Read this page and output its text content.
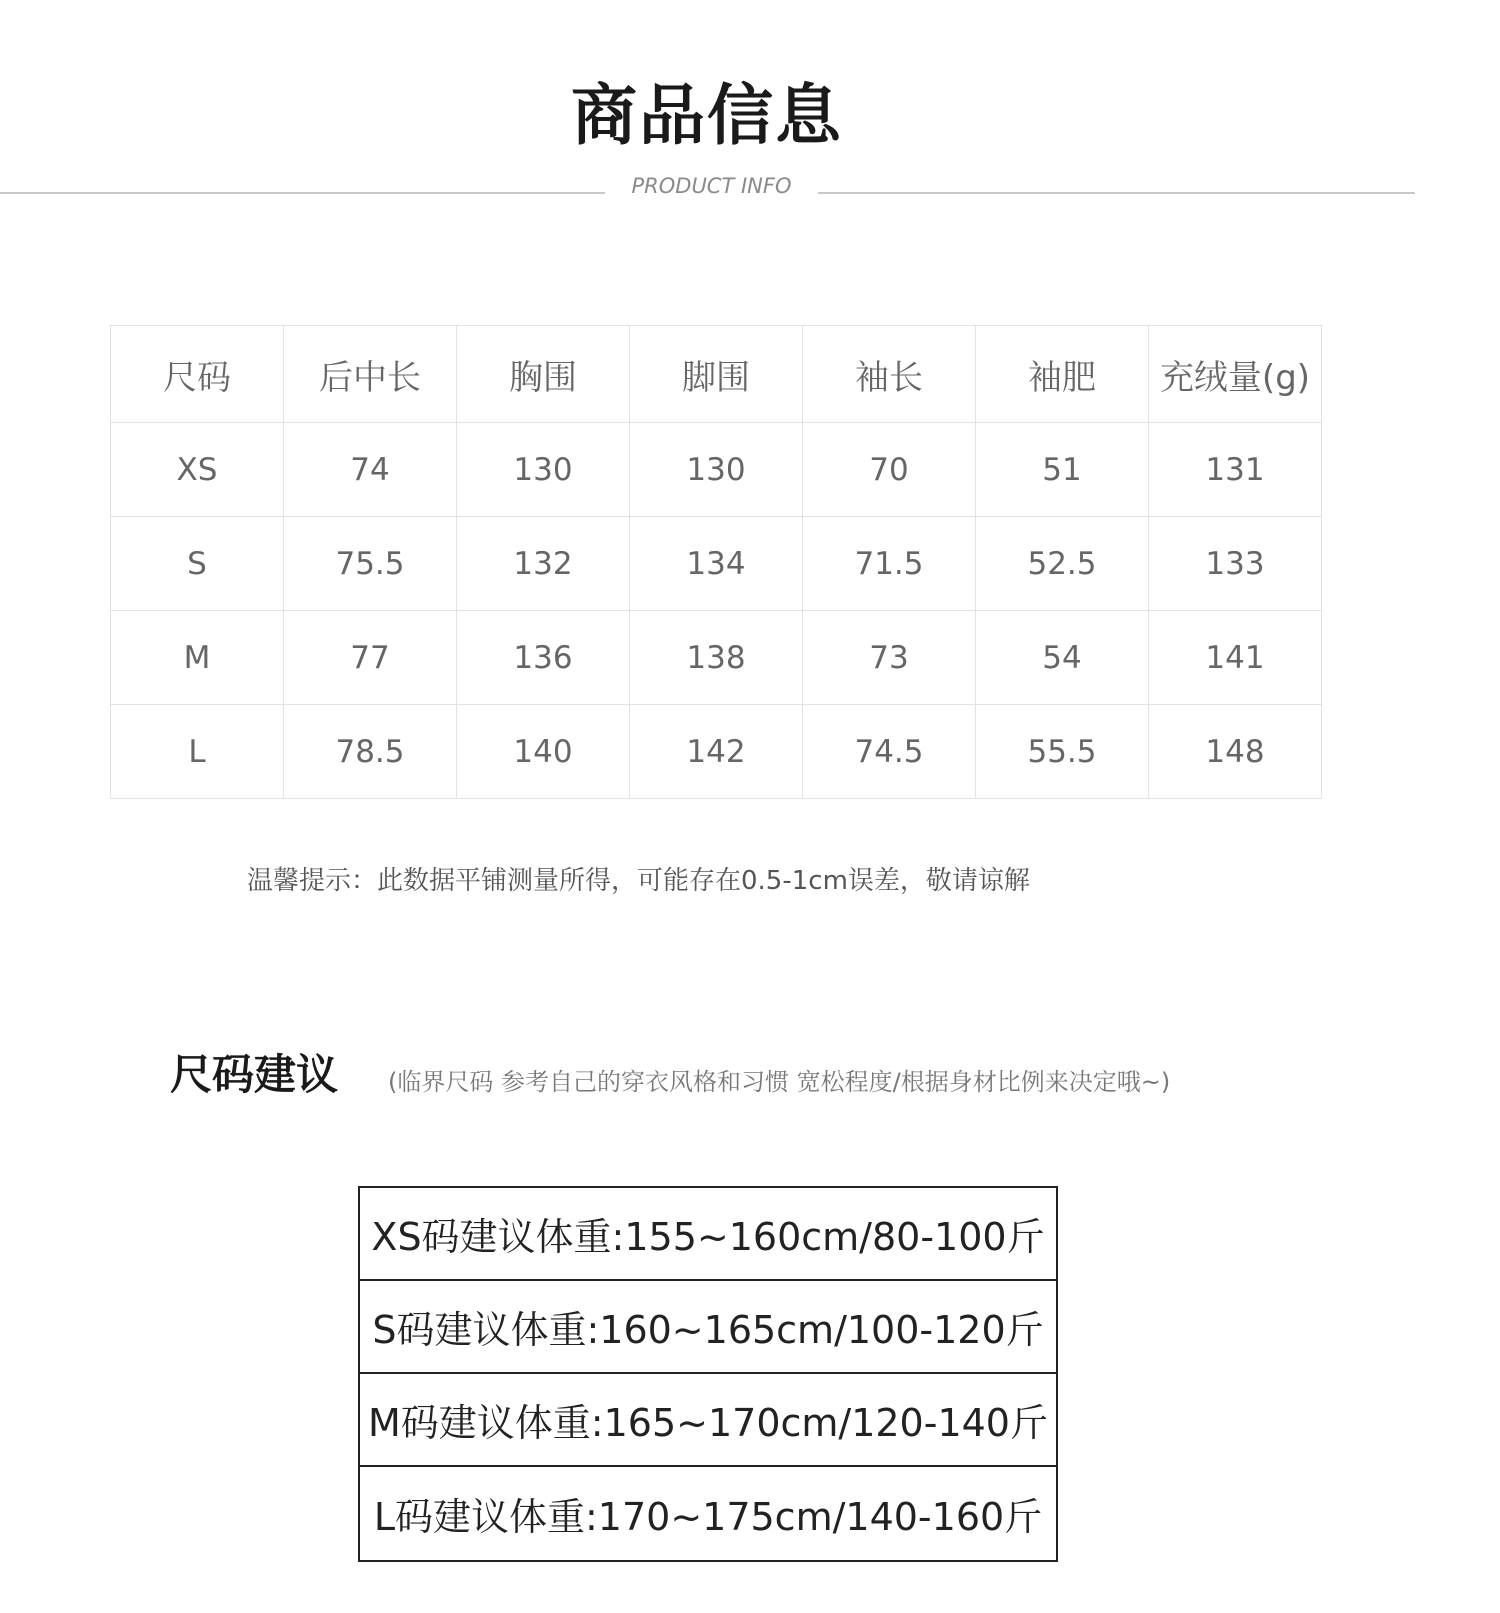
商品信息
PRODUCT INFO
尺码	后中长	胸围	脚围	袖长	袖肥	充绒量(g)
XS	74	130	130	70	51	131
S	75.5	132	134	71.5	52.5	133
M	77	136	138	73	54	141
L	78.5	140	142	74.5	55.5	148
温馨提示：此数据平铺测量所得，可能存在0.5-1cm误差，敬请谅解
尺码建议 (临界尺码 参考自己的穿衣风格和习惯 宽松程度/根据身材比例来决定哦~)
XS码建议体重:155~160cm/80-100斤
S码建议体重:160~165cm/100-120斤
M码建议体重:165~170cm/120-140斤
L码建议体重:170~175cm/140-160斤
